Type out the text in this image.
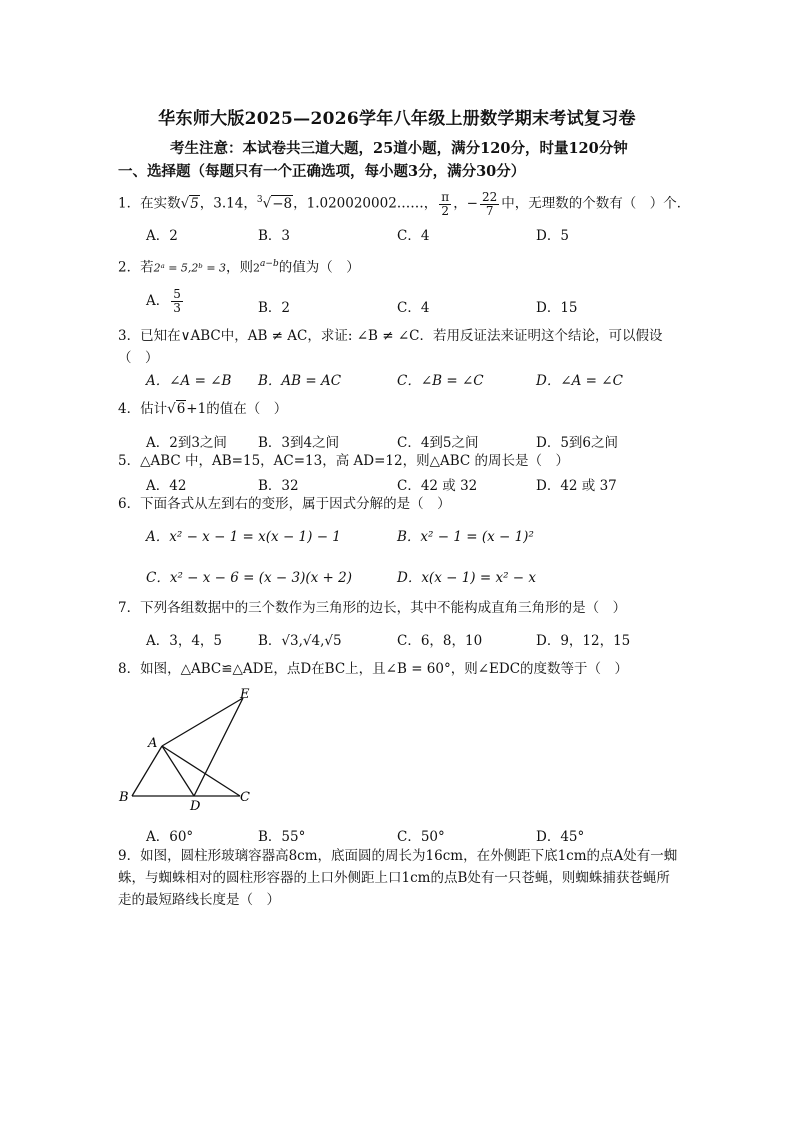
华东师大版2025—2026学年八年级上册数学期末考试复习卷
考生注意：本试卷共三道大题，25道小题，满分120分，时量120分钟
一、选择题（每题只有一个正确选项，每小题3分，满分30分）
1．在实数√5，3.14，$^3$√−8，1.020020002……， $\frac{\pi}{2}$ ，− $\frac{22}{7}$ 中，无理数的个数有（　）个．
A．2	B．3	C．4	D．5
2．若2ᵃ = 5,2ᵇ = 3，则$2^{a-b}$的值为（　）
A． $\frac{5}{3}$	B．2	C．4	D．15
3．已知在∨ABC中，AB ≠ AC，求证: ∠B ≠ ∠C．若用反证法来证明这个结论，可以假设
（　）
A．∠A = ∠B B．AB = AC	C．∠B = ∠C	D．∠A = ∠C
4．估计√6+1的值在（　）
A．2到3之间 B．3到4之间	C．4到5之间	D．5到6之间
5．△ABC 中，AB=15，AC=13，高 AD=12，则△ABC 的周长是（　）
A．42	B．32	C．42 或 32	D．42 或 37
6．下面各式从左到右的变形，属于因式分解的是（　）
A．x² − x − 1 = x(x − 1) − 1	B．x² − 1 = (x − 1)²
C．x² − x − 6 = (x − 3)(x + 2)	D．x(x − 1) = x² − x
7．下列各组数据中的三个数作为三角形的边长，其中不能构成直角三角形的是（　）
A．3，4，5	B．√3,√4,√5	C．6，8，10	D．9，12，15
8．如图，△ABC≌△ADE，点D在BC上，且∠B = 60°，则∠EDC的度数等于（　）
A
B	C
D
E
A．60°	B．55°	C．50°	D．45°
9．如图，圆柱形玻璃容器高8cm，底面圆的周长为16cm，在外侧距下底1cm的点A处有一蜘蛛，与蜘蛛相对的圆柱形容器的上口外侧距上口1cm的点B处有一只苍蝇，则蜘蛛捕获苍蝇所走的最短路线长度是（　）
